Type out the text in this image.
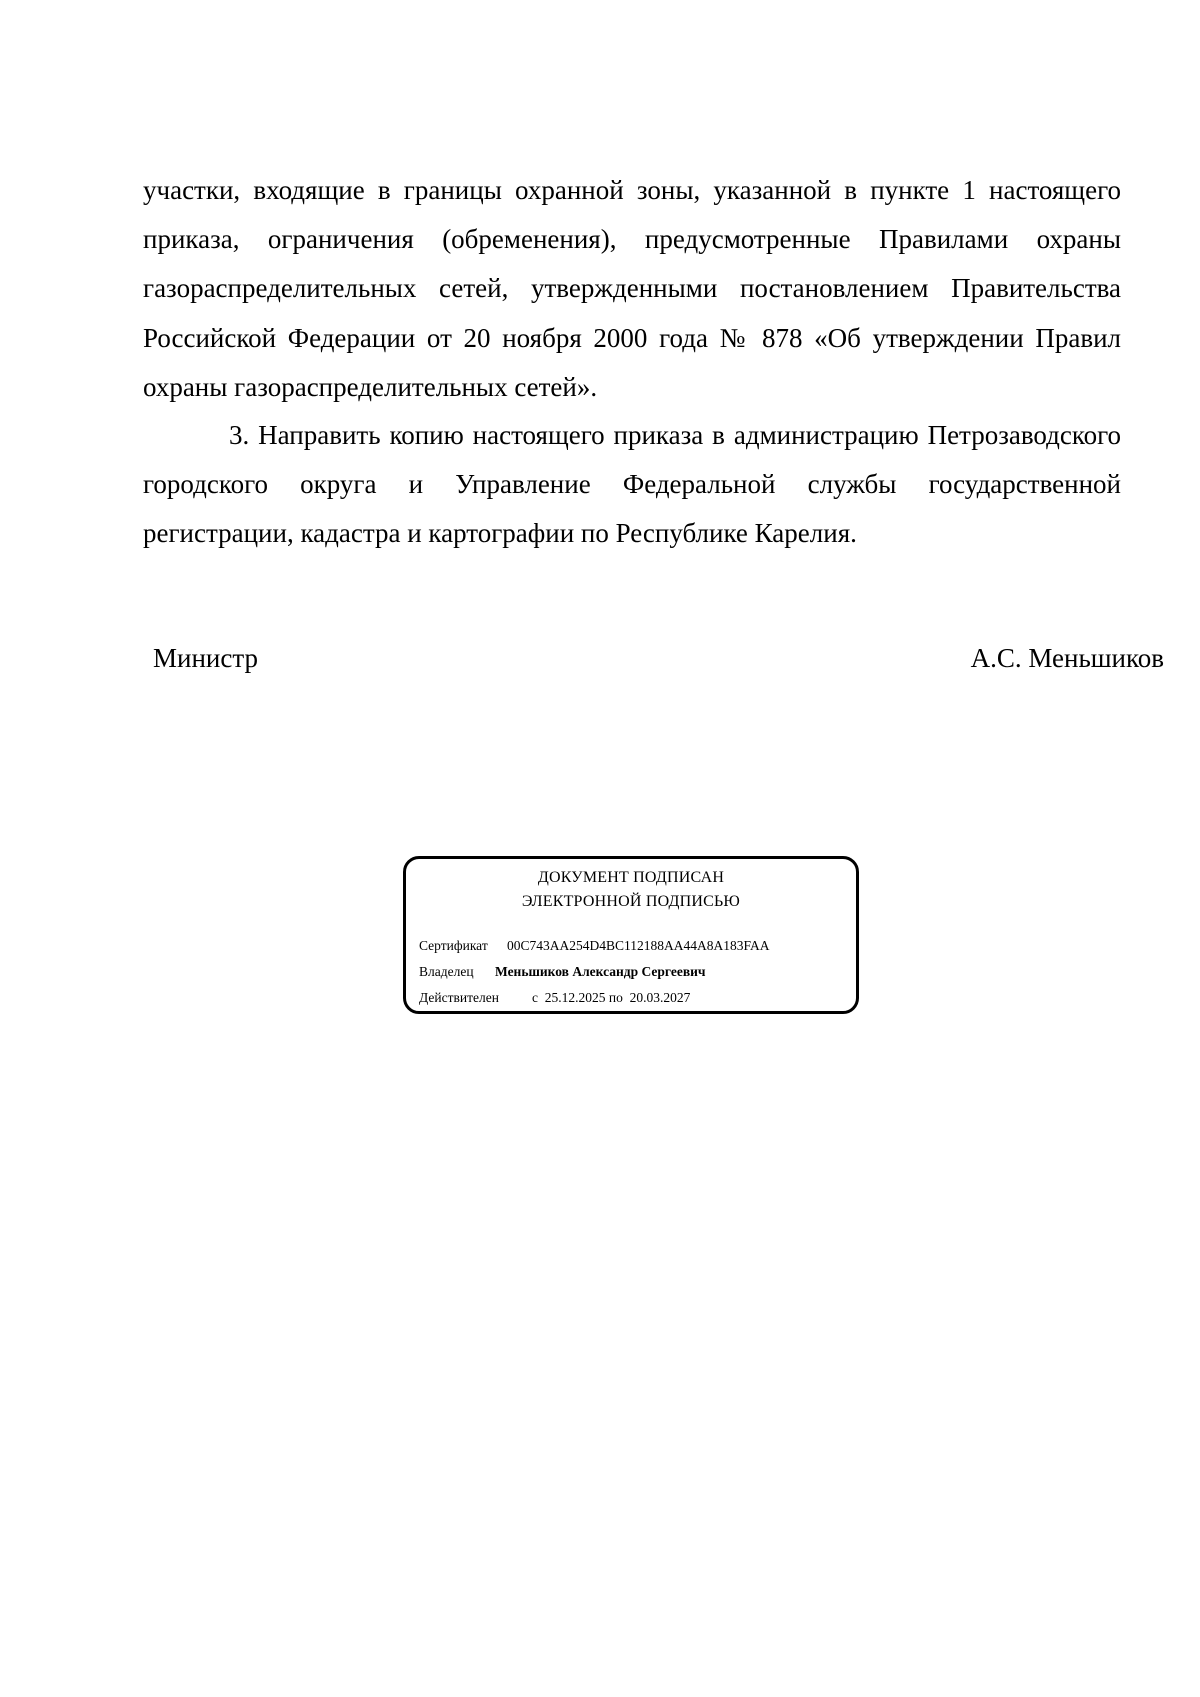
участки, входящие в границы охранной зоны, указанной в пункте 1 настоящего приказа, ограничения (обременения), предусмотренные Правилами охраны газораспределительных сетей, утвержденными постановлением Правительства Российской Федерации от 20 ноября 2000 года № 878 «Об утверждении Правил охраны газораспределительных сетей».
3. Направить копию настоящего приказа в администрацию Петрозаводского городского округа и Управление Федеральной службы государственной регистрации, кадастра и картографии по Республике Карелия.
Министр	А.С. Меньшиков
ДОКУМЕНТ ПОДПИСАН
ЭЛЕКТРОННОЙ ПОДПИСЬЮ
Сертификат 00C743AA254D4BC112188AA44A8A183FAA
Владелец Меньшиков Александр Сергеевич
Действителен с  25.12.2025 по  20.03.2027
